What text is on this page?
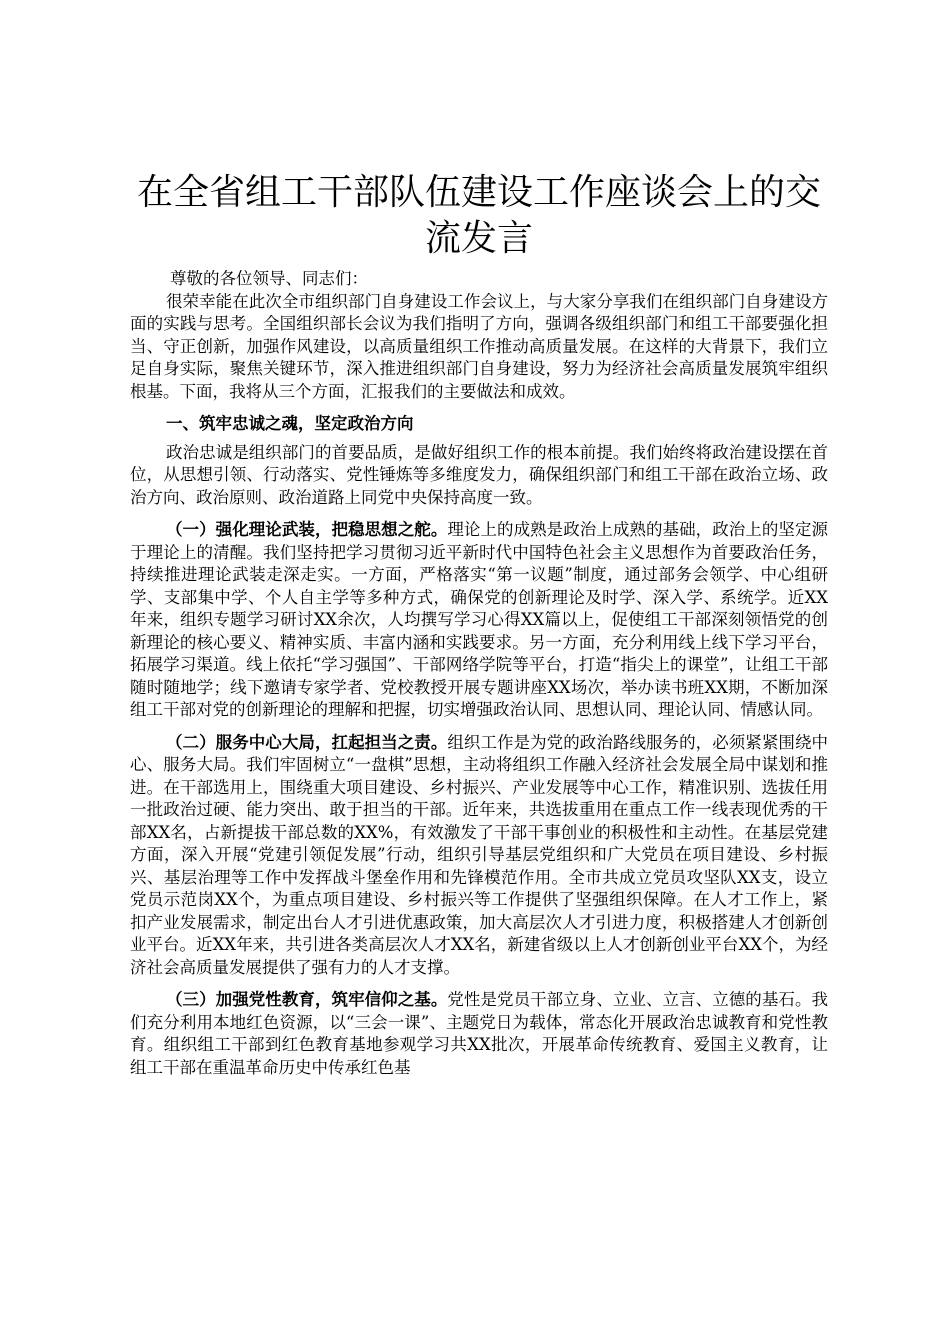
在全省组工干部队伍建设工作座谈会上的交流发言

尊敬的各位领导、同志们：

很荣幸能在此次全市组织部门自身建设工作会议上，与大家分享我们在组织部门自身建设方面的实践与思考。全国组织部长会议为我们指明了方向，强调各级组织部门和组工干部要强化担当、守正创新，加强作风建设，以高质量组织工作推动高质量发展。在这样的大背景下，我们立足自身实际，聚焦关键环节，深入推进组织部门自身建设，努力为经济社会高质量发展筑牢组织根基。下面，我将从三个方面，汇报我们的主要做法和成效。

一、筑牢忠诚之魂，坚定政治方向

政治忠诚是组织部门的首要品质，是做好组织工作的根本前提。我们始终将政治建设摆在首位，从思想引领、行动落实、党性锤炼等多维度发力，确保组织部门和组工干部在政治立场、政治方向、政治原则、政治道路上同党中央保持高度一致。

（一）强化理论武装，把稳思想之舵。理论上的成熟是政治上成熟的基础，政治上的坚定源于理论上的清醒。我们坚持把学习贯彻习近平新时代中国特色社会主义思想作为首要政治任务，持续推进理论武装走深走实。一方面，严格落实“第一议题”制度，通过部务会领学、中心组研学、支部集中学、个人自主学等多种方式，确保党的创新理论及时学、深入学、系统学。近XX年来，组织专题学习研讨XX余次，人均撰写学习心得XX篇以上，促使组工干部深刻领悟党的创新理论的核心要义、精神实质、丰富内涵和实践要求。另一方面，充分利用线上线下学习平台，拓展学习渠道。线上依托“学习强国”、干部网络学院等平台，打造“指尖上的课堂”，让组工干部随时随地学；线下邀请专家学者、党校教授开展专题讲座XX场次，举办读书班XX期，不断加深组工干部对党的创新理论的理解和把握，切实增强政治认同、思想认同、理论认同、情感认同。

（二）服务中心大局，扛起担当之责。组织工作是为党的政治路线服务的，必须紧紧围绕中心、服务大局。我们牢固树立“一盘棋”思想，主动将组织工作融入经济社会发展全局中谋划和推进。在干部选用上，围绕重大项目建设、乡村振兴、产业发展等中心工作，精准识别、选拔任用一批政治过硬、能力突出、敢于担当的干部。近年来，共选拔重用在重点工作一线表现优秀的干部XX名，占新提拔干部总数的XX%，有效激发了干部干事创业的积极性和主动性。在基层党建方面，深入开展“党建引领促发展”行动，组织引导基层党组织和广大党员在项目建设、乡村振兴、基层治理等工作中发挥战斗堡垒作用和先锋模范作用。全市共成立党员攻坚队XX支，设立党员示范岗XX个，为重点项目建设、乡村振兴等工作提供了坚强组织保障。在人才工作上，紧扣产业发展需求，制定出台人才引进优惠政策，加大高层次人才引进力度，积极搭建人才创新创业平台。近XX年来，共引进各类高层次人才XX名，新建省级以上人才创新创业平台XX个，为经济社会高质量发展提供了强有力的人才支撑。

（三）加强党性教育，筑牢信仰之基。党性是党员干部立身、立业、立言、立德的基石。我们充分利用本地红色资源，以“三会一课”、主题党日为载体，常态化开展政治忠诚教育和党性教育。组织组工干部到红色教育基地参观学习共XX批次，开展革命传统教育、爱国主义教育，让组工干部在重温革命历史中传承红色基
